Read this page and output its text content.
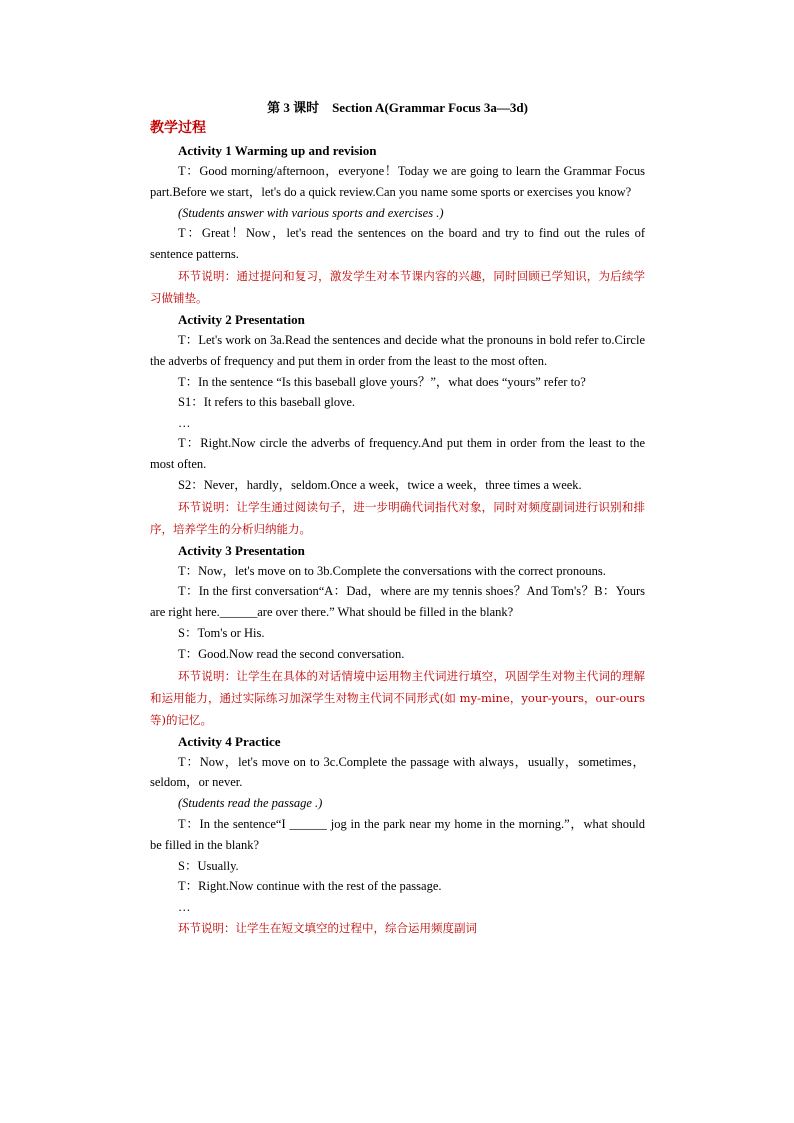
第 3 课时　Section A(Grammar Focus 3a—3d)
教学过程
Activity 1 Warming up and revision

T：Good morning/afternoon，everyone！Today we are going to learn the Grammar Focus part.Before we start，let's do a quick review.Can you name some sports or exercises you know?

(Students answer with various sports and exercises .)

T：Great！Now，let's read the sentences on the board and try to find out the rules of sentence patterns.

环节说明：通过提问和复习，激发学生对本节课内容的兴趣，同时回顾已学知识，为后续学习做铺垫。

Activity 2 Presentation

T：Let's work on 3a.Read the sentences and decide what the pronouns in bold refer to.Circle the adverbs of frequency and put them in order from the least to the most often.

T：In the sentence “Is this baseball glove yours？”，what does “yours” refer to?

S1：It refers to this baseball glove.

…

T：Right.Now circle the adverbs of frequency.And put them in order from the least to the most often.

S2：Never，hardly，seldom.Once a week，twice a week，three times a week.

环节说明：让学生通过阅读句子，进一步明确代词指代对象，同时对频度副词进行识别和排序，培养学生的分析归纳能力。

Activity 3 Presentation

T：Now，let's move on to 3b.Complete the conversations with the correct pronouns.

T：In the first conversation“A：Dad，where are my tennis shoes？And Tom's？B：Yours are right here.______are over there.” What should be filled in the blank?

S：Tom's or His.

T：Good.Now read the second conversation.

环节说明：让学生在具体的对话情境中运用物主代词进行填空，巩固学生对物主代词的理解和运用能力，通过实际练习加深学生对物主代词不同形式(如 my-mine，your-yours，our-ours 等)的记忆。

Activity 4 Practice

T：Now，let's move on to 3c.Complete the passage with always，usually，sometimes，seldom，or never.

(Students read the passage .)

T：In the sentence“I ______ jog in the park near my home in the morning.”，what should be filled in the blank?

S：Usually.

T：Right.Now continue with the rest of the passage.

…

环节说明：让学生在短文填空的过程中，综合运用频度副词
